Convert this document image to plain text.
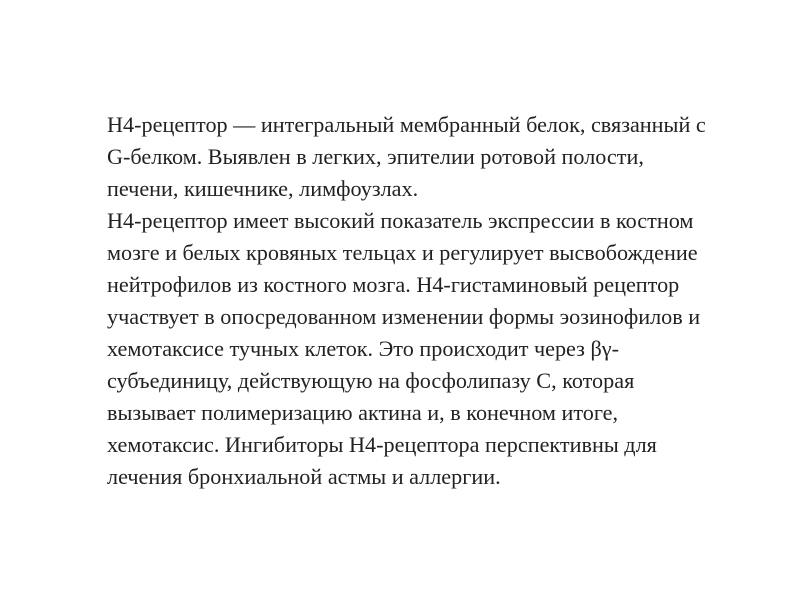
H4-рецептор — интегральный мембранный белок, связанный с
G-белком. Выявлен в легких, эпителии ротовой полости,
печени, кишечнике, лимфоузлах.

H4-рецептор имеет высокий показатель экспрессии в костном
мозге и белых кровяных тельцах и регулирует высвобождение
нейтрофилов из костного мозга. H4-гистаминовый рецептор
участвует в опосредованном изменении формы эозинофилов и
хемотаксисе тучных клеток. Это происходит через βγ-
субъединицу, действующую на фосфолипазу С, которая
вызывает полимеризацию актина и, в конечном итоге,
хемотаксис. Ингибиторы H4-рецептора перспективны для
лечения бронхиальной астмы и аллергии.
